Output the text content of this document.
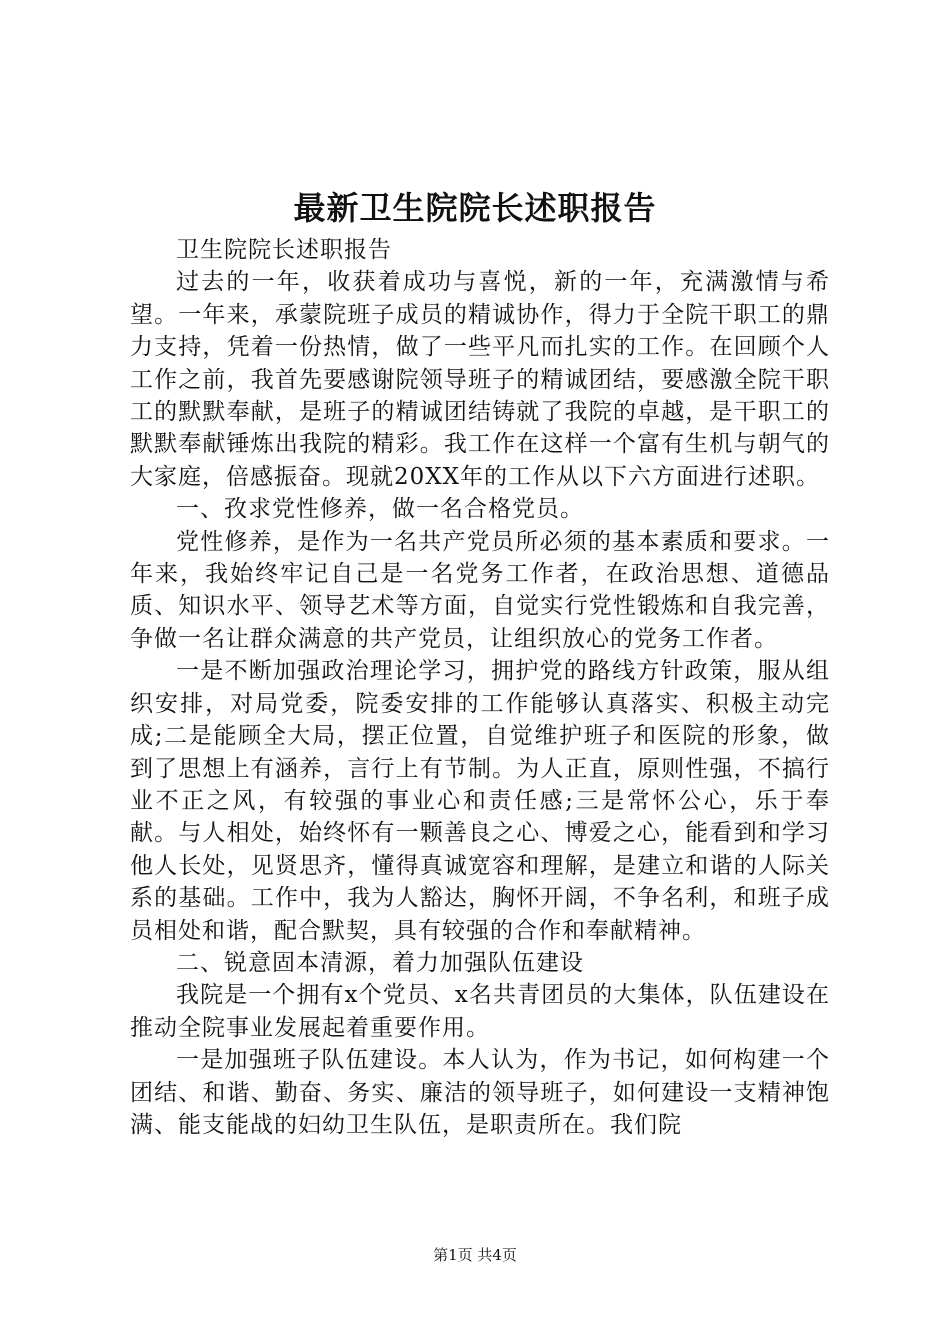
最新卫生院院长述职报告

卫生院院长述职报告

过去的一年，收获着成功与喜悦，新的一年，充满激情与希望。一年来，承蒙院班子成员的精诚协作，得力于全院干职工的鼎力支持，凭着一份热情，做了一些平凡而扎实的工作。在回顾个人工作之前，我首先要感谢院领导班子的精诚团结，要感激全院干职工的默默奉献，是班子的精诚团结铸就了我院的卓越，是干职工的默默奉献锤炼出我院的精彩。我工作在这样一个富有生机与朝气的大家庭，倍感振奋。现就20XX年的工作从以下六方面进行述职。

一、孜求党性修养，做一名合格党员。

党性修养，是作为一名共产党员所必须的基本素质和要求。一年来，我始终牢记自己是一名党务工作者，在政治思想、道德品质、知识水平、领导艺术等方面，自觉实行党性锻炼和自我完善，争做一名让群众满意的共产党员，让组织放心的党务工作者。

一是不断加强政治理论学习，拥护党的路线方针政策，服从组织安排，对局党委，院委安排的工作能够认真落实、积极主动完成;二是能顾全大局，摆正位置，自觉维护班子和医院的形象，做到了思想上有涵养，言行上有节制。为人正直，原则性强，不搞行业不正之风，有较强的事业心和责任感;三是常怀公心，乐于奉献。与人相处，始终怀有一颗善良之心、博爱之心，能看到和学习他人长处，见贤思齐，懂得真诚宽容和理解，是建立和谐的人际关系的基础。工作中，我为人豁达，胸怀开阔，不争名利，和班子成员相处和谐，配合默契，具有较强的合作和奉献精神。

二、锐意固本清源，着力加强队伍建设

我院是一个拥有x个党员、x名共青团员的大集体，队伍建设在推动全院事业发展起着重要作用。

一是加强班子队伍建设。本人认为，作为书记，如何构建一个团结、和谐、勤奋、务实、廉洁的领导班子，如何建设一支精神饱满、能支能战的妇幼卫生队伍，是职责所在。我们院

第1页 共4页
